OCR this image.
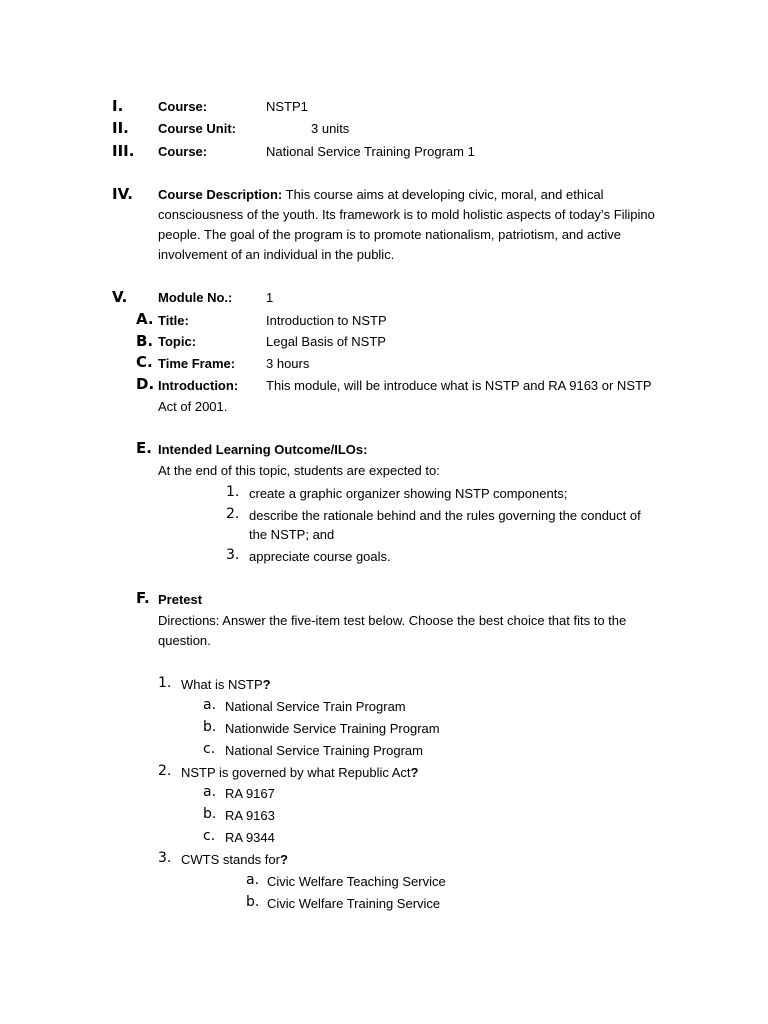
I.	Course:	NSTP1
II. Course Unit:	3 units
III. Course:	National Service Training Program 1
IV. Course Description: This course aims at developing civic, moral, and ethical consciousness of the youth. Its framework is to mold holistic aspects of today’s Filipino people. The goal of the program is to promote nationalism, patriotism, and active involvement of an individual in the public.
V. Module No.:	1
A. Title:	Introduction to NSTP
B. Topic:	Legal Basis of NSTP
C. Time Frame: 3 hours
D. Introduction: This module, will be introduce what is NSTP and RA 9163 or NSTP
Act of 2001.
E. Intended Learning Outcome/ILOs:
At the end of this topic, students are expected to:
1. create a graphic organizer showing NSTP components;
2. describe the rationale behind and the rules governing the conduct of
the NSTP; and
3. appreciate course goals.
F. Pretest
Directions: Answer the five-item test below. Choose the best choice that fits to the question.
1. What is NSTP?
a. National Service Train Program
b. Nationwide Service Training Program
c. National Service Training Program
2. NSTP is governed by what Republic Act?
a. RA 9167
b. RA 9163
c. RA 9344
3. CWTS stands for?
a. Civic Welfare Teaching Service
b. Civic Welfare Training Service
